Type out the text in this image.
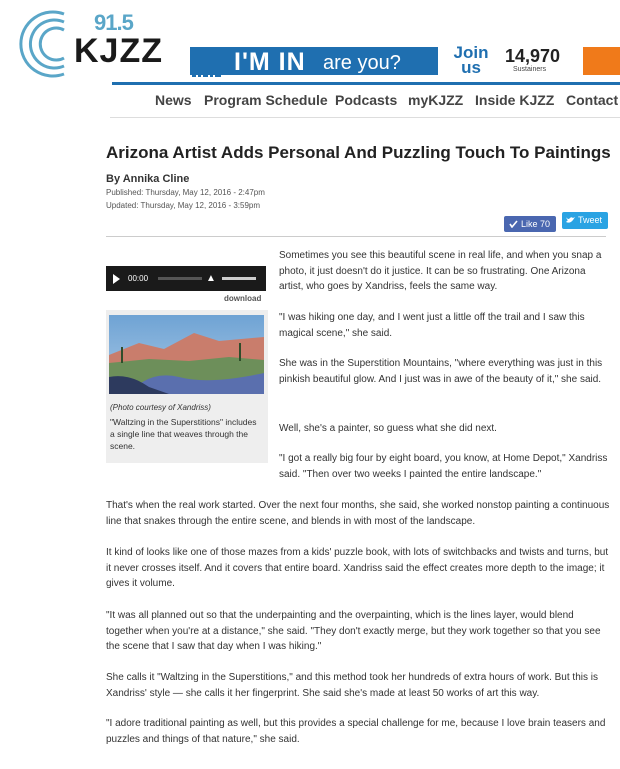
91.5
KJZZ	I'M IN are you?	Join us
14,970
Sustainers
News Program Schedule Podcasts myKJZZ Inside KJZZ Contact
Arizona Artist Adds Personal And Puzzling Touch To Paintings
By Annika Cline
Published: Thursday, May 12, 2016 - 2:47pm
Updated: Thursday, May 12, 2016 - 3:59pm
Like 70	Tweet
00:00	▲
download
(Photo courtesy of Xandriss)
"Waltzing in the Superstitions" includes a single line that weaves through the scene.

Sometimes you see this beautiful scene in real life, and when you snap a photo, it just doesn't do it justice. It can be so frustrating. One Arizona artist, who goes by Xandriss, feels the same way.

"I was hiking one day, and I went just a little off the trail and I saw this magical scene," she said.

She was in the Superstition Mountains, "where everything was just in this pinkish beautiful glow. And I just was in awe of the beauty of it," she said.

Well, she's a painter, so guess what she did next.

"I got a really big four by eight board, you know, at Home Depot," Xandriss said. "Then over two weeks I painted the entire landscape."

That's when the real work started. Over the next four months, she said, she worked nonstop painting a continuous line that snakes through the entire scene, and blends in with most of the landscape.

It kind of looks like one of those mazes from a kids' puzzle book, with lots of switchbacks and twists and turns, but it never crosses itself. And it covers that entire board. Xandriss said the effect creates more depth to the image; it gives it volume.

"It was all planned out so that the underpainting and the overpainting, which is the lines layer, would blend together when you're at a distance," she said. "They don't exactly merge, but they work together so that you see the scene that I saw that day when I was hiking."

She calls it "Waltzing in the Superstitions," and this method took her hundreds of extra hours of work. But this is Xandriss' style — she calls it her fingerprint. She said she's made at least 50 works of art this way.

"I adore traditional painting as well, but this provides a special challenge for me, because I love brain teasers and puzzles and things of that nature," she said.
